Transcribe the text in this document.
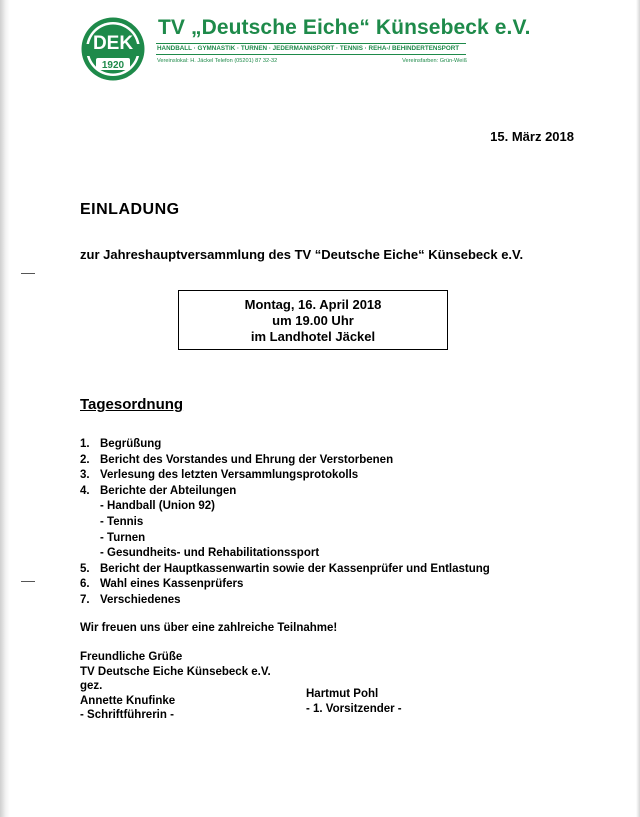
DEK
1920
TV „Deutsche Eiche“ Künsebeck e.V.
HANDBALL · GYMNASTIK · TURNEN · JEDERMANNSPORT · TENNIS · REHA-/ BEHINDERTENSPORT
Vereinslokal: H. Jäckel Telefon (05201) 87 32-32	Vereinsfarben: Grün-Weiß
15. März 2018
EINLADUNG
zur Jahreshauptversammlung des TV “Deutsche Eiche“ Künsebeck e.V.
Montag, 16. April 2018
um 19.00 Uhr
im Landhotel Jäckel
Tagesordnung
1. Begrüßung
2. Bericht des Vorstandes und Ehrung der Verstorbenen
3. Verlesung des letzten Versammlungsprotokolls
4. Berichte der Abteilungen
- Handball (Union 92)
- Tennis
- Turnen
- Gesundheits- und Rehabilitationssport
5. Bericht der Hauptkassenwartin sowie der Kassenprüfer und Entlastung
6. Wahl eines Kassenprüfers
7. Verschiedenes
Wir freuen uns über eine zahlreiche Teilnahme!
Freundliche Grüße
TV Deutsche Eiche Künsebeck e.V.
gez.
Annette Knufinke
- Schriftführerin -
Hartmut Pohl
- 1. Vorsitzender -
